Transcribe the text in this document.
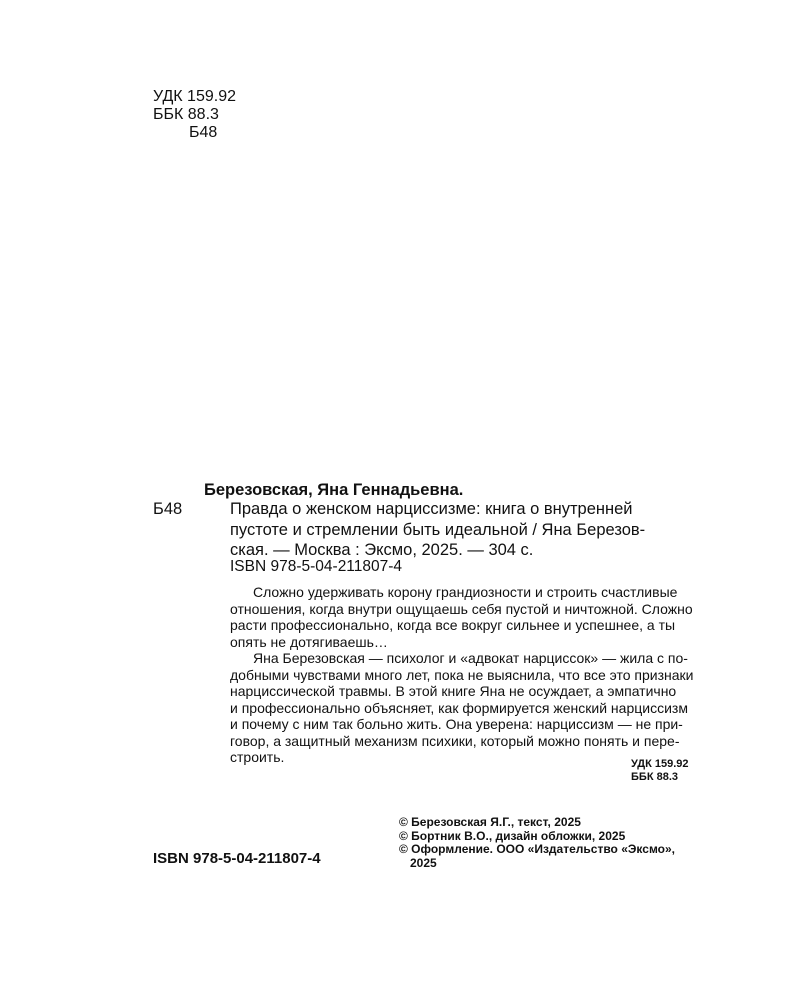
УДК 159.92
ББК 88.3
Б48
Березовская, Яна Геннадьевна.
Б48	Правда о женском нарциссизме: книга о внутренней
пустоте и стремлении быть идеальной / Яна Березов-
ская. — Москва : Эксмо, 2025. — 304 с.
ISBN 978-5-04-211807-4
Сложно удерживать корону грандиозности и строить счастливые
отношения, когда внутри ощущаешь себя пустой и ничтожной. Сложно
расти профессионально, когда все вокруг сильнее и успешнее, а ты
опять не дотягиваешь…
Яна Березовская — психолог и «адвокат нарциссок» — жила с по-
добными чувствами много лет, пока не выяснила, что все это признаки
нарциссической травмы. В этой книге Яна не осуждает, а эмпатично
и профессионально объясняет, как формируется женский нарциссизм
и почему с ним так больно жить. Она уверена: нарциссизм — не при-
говор, а защитный механизм психики, который можно понять и пере-
строить.	УДК 159.92
ББК 88.3
© Березовская Я.Г., текст, 2025
© Бортник В.О., дизайн обложки, 2025
© Оформление. ООО «Издательство «Эксмо»,
2025
ISBN 978-5-04-211807-4
